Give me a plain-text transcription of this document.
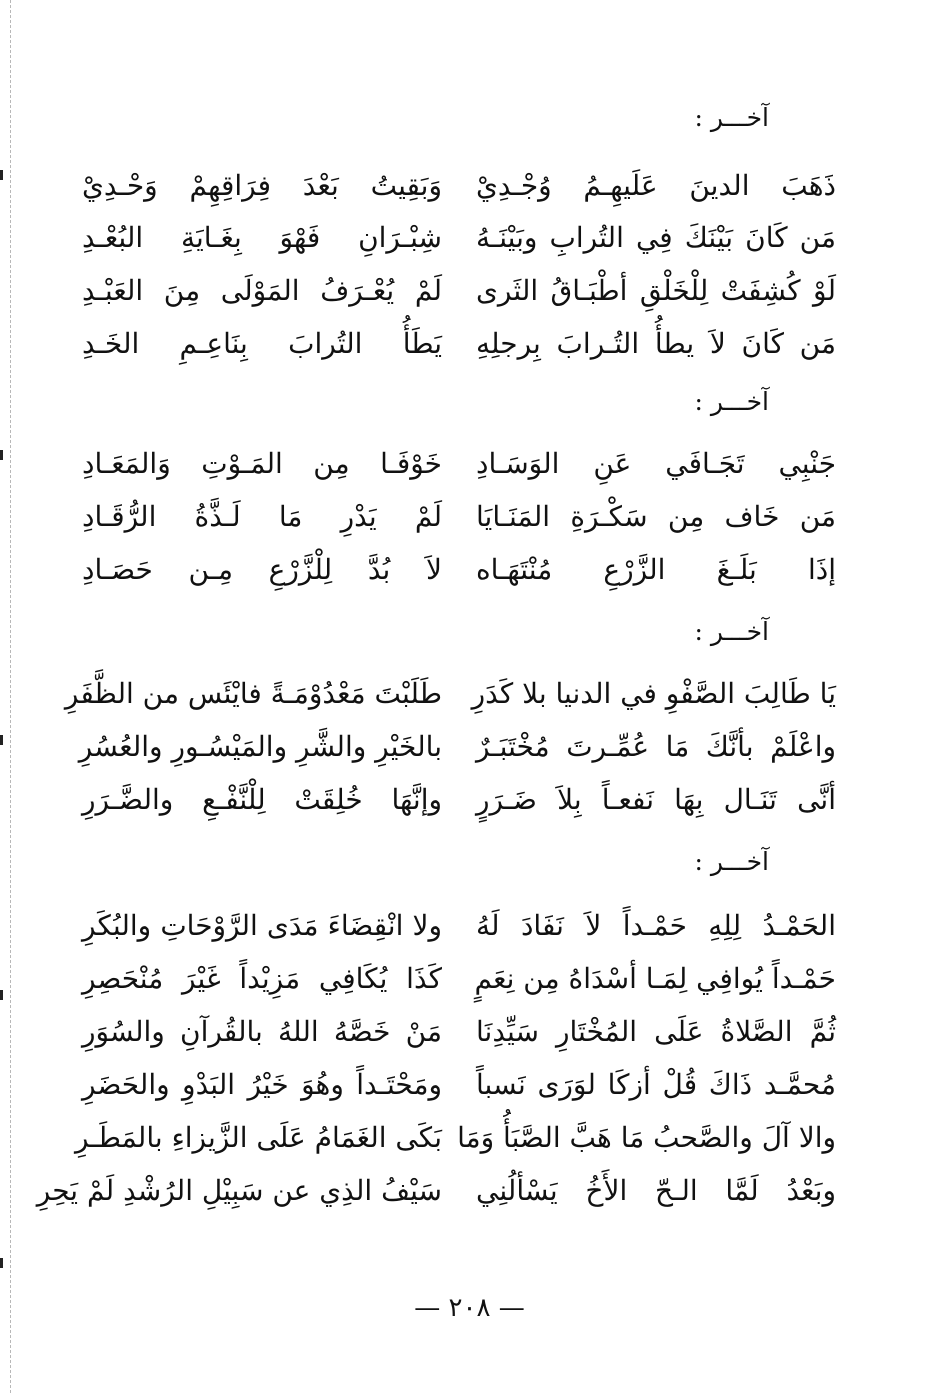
آخـــر :
ذَهَبَ الدينَ عَلَيهِـمُ وُجْـدِيْ
وَبَقِيتُ بَعْدَ فِرَاقِهِمْ وَحْـدِيْ
مَن كَانَ بَيْنَكَ فِي التُرابِ وبَيْنَـهُ
شِبْـرَانِ فَهْوَ بِغَـايَةِ البُعْـدِ
لَوْ كُشِفَتْ لِلْخَلْقِ أطْبَـاقُ الثَرى
لَمْ يُعْـرَفُ المَوْلَى مِنَ العَبْـدِ
مَن كَانَ لاَ يطأُ التُـرابَ بِرجلِهِ
يَطَأُ التُرابَ بِنَاعِـمِ الخَـدِ
آخـــر :
جَنْبِي تَجَـافَي عَنِ الوَسَـادِ
خَوْفَـا مِن المَـوْتِ وَالمَعَـادِ
مَن خَاف مِن سَكْـرَةِ المَنَـايَا
لَمْ يَدْرِ مَا لَـذَّةُ الرُّقَـادِ
إذَا بَلَـغَ الزَّرْعِ مُنْتَهَـاه
لاَ بُدَّ لِلْزَّرْعِ مِـن حَصَـادِ
آخـــر :
يَا طَالِبَ الصَّفْوِ في الدنيا بلا كَدَرِ
طَلَبْتَ مَعْدُوْمَـةً فايْئَس من الظَّفَرِ
واعْلَمْ بأنَّكَ مَا عُمِّـرتَ مُخْتَبَـرٌ
بالخَيْرِ والشَّرِ والمَيْسُـورِ والعُسُرِ
أنَّى تَنَـال بِهَا نَفعـاً بِلاَ ضَـرَرٍ
وإنَّهَا خُلِقَتْ لِلْنَّفْـعِ والضَّـرَرِ
آخـــر :
الحَمْـدُ لِلِهِ حَمْـداً لاَ نَفَادَ لَهُ
ولا انْقِضَاءَ مَدَى الرَّوْحَاتِ والبُكَرِ
حَمْـداً يُوافِي لِمَـا أسْدَاهُ مِن نِعَمٍ
كَذَا يُكَافِي مَزِيْداً غَيْرَ مُنْحَصِرِ
ثُمَّ الصَّلاةُ عَلَى المُخْتَارِ سَيِّدِنَا
مَنْ خَصَّهُ اللهُ بالقُرآنِ والسُوَرِ
مُحمَّـد ذَاكَ قُلْ أزكَا لوَرَى نَسباً
ومَحْتَـداً وهُوَ خَيْرُ البَدْوِ والحَضَرِ
والا آلَ والصَّحبُ مَا هَبَّ الصَّبَأُ وَمَا
بَكَى الغَمَامُ عَلَى الزَّيزاءِ بالمَطَـرِ
وبَعْدُ لَمَّا الـحّ الأَخُ يَسْألُنِي
سَيْفُ الذِي عن سَبِيْلِ الرُشْدِ لَمْ يَحِرِ
— ٢٠٨ —
